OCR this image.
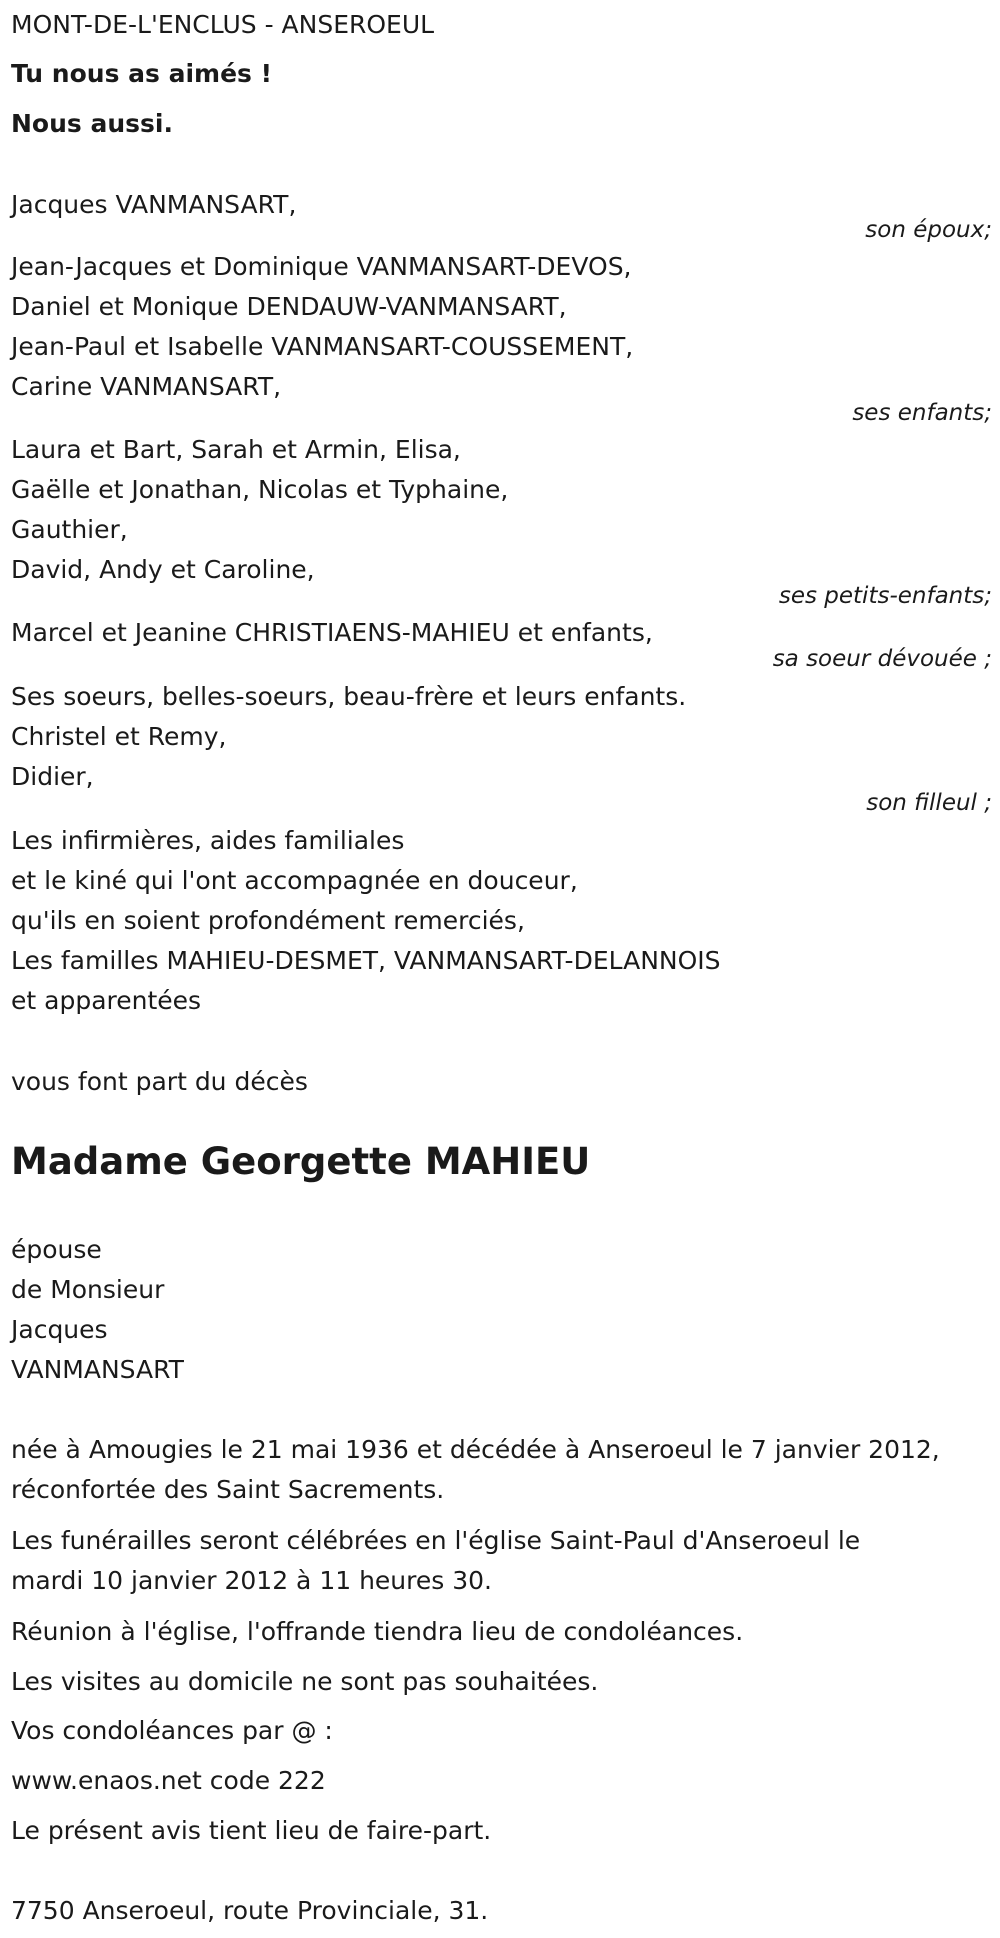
MONT-DE-L'ENCLUS - ANSEROEUL
Tu nous as aimés !
Nous aussi.
Jacques VANMANSART,
son époux;
Jean-Jacques et Dominique VANMANSART-DEVOS,
Daniel et Monique DENDAUW-VANMANSART,
Jean-Paul et Isabelle VANMANSART-COUSSEMENT,
Carine VANMANSART,
ses enfants;
Laura et Bart, Sarah et Armin, Elisa,
Gaëlle et Jonathan, Nicolas et Typhaine,
Gauthier,
David, Andy et Caroline,
ses petits-enfants;
Marcel et Jeanine CHRISTIAENS-MAHIEU et enfants,
sa soeur dévouée ;
Ses soeurs, belles-soeurs, beau-frère et leurs enfants.
Christel et Remy,
Didier,
son filleul ;
Les infirmières, aides familiales
et le kiné qui l'ont accompagnée en douceur,
qu'ils en soient profondément remerciés,
Les familles MAHIEU-DESMET, VANMANSART-DELANNOIS
et apparentées
vous font part du décès
Madame Georgette MAHIEU
épouse
de Monsieur
Jacques
VANMANSART
née à Amougies le 21 mai 1936 et décédée à Anseroeul le 7 janvier 2012,
réconfortée des Saint Sacrements.
Les funérailles seront célébrées en l'église Saint-Paul d'Anseroeul le
mardi 10 janvier 2012 à 11 heures 30.
Réunion à l'église, l'offrande tiendra lieu de condoléances.
Les visites au domicile ne sont pas souhaitées.
Vos condoléances par @ :
www.enaos.net code 222
Le présent avis tient lieu de faire-part.
7750 Anseroeul, route Provinciale, 31.
